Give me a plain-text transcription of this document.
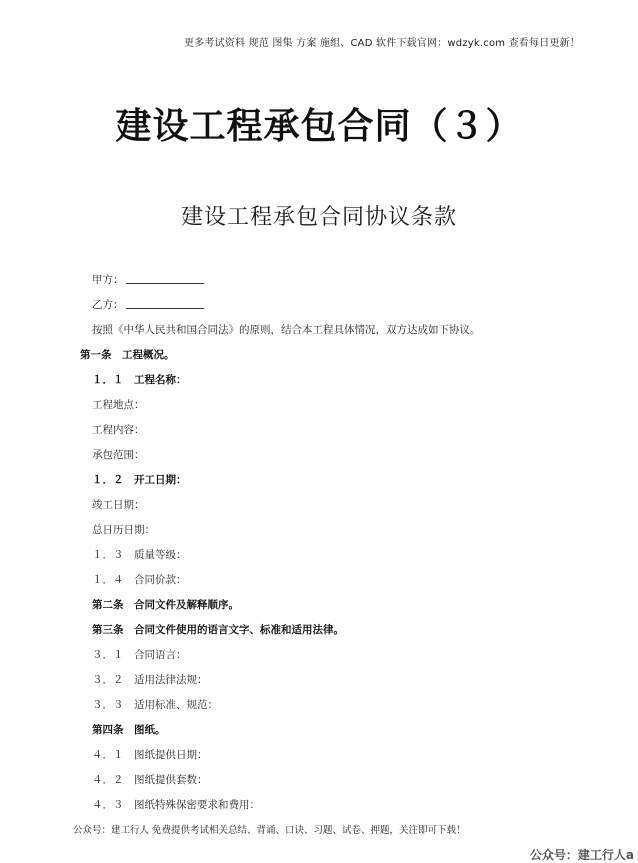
更多考试资料 规范 图集 方案 施组、CAD 软件下载官网：wdzyk.com 查看每日更新！
建设工程承包合同（３）
建设工程承包合同协议条款
甲方：
乙方：
按照《中华人民共和国合同法》的原则，结合本工程具体情况，双方达成如下协议。
第一条　工程概况。
１．１　工程名称：
工程地点：
工程内容：
承包范围：
１．２　开工日期：
竣工日期：
总日历日期：
１．３　质量等级：
１．４　合同价款：
第二条　合同文件及解释顺序。
第三条　合同文件使用的语言文字、标准和适用法律。
３．１　合同语言：
３．２　适用法律法规：
３．３　适用标准、规范：
第四条　图纸。
４．１　图纸提供日期：
４．２　图纸提供套数：
４．３　图纸特殊保密要求和费用：
公众号：建工行人 免费提供考试相关总结、背诵、口诀、习题、试卷、押题，关注即可下载！
公众号：建工行人a
